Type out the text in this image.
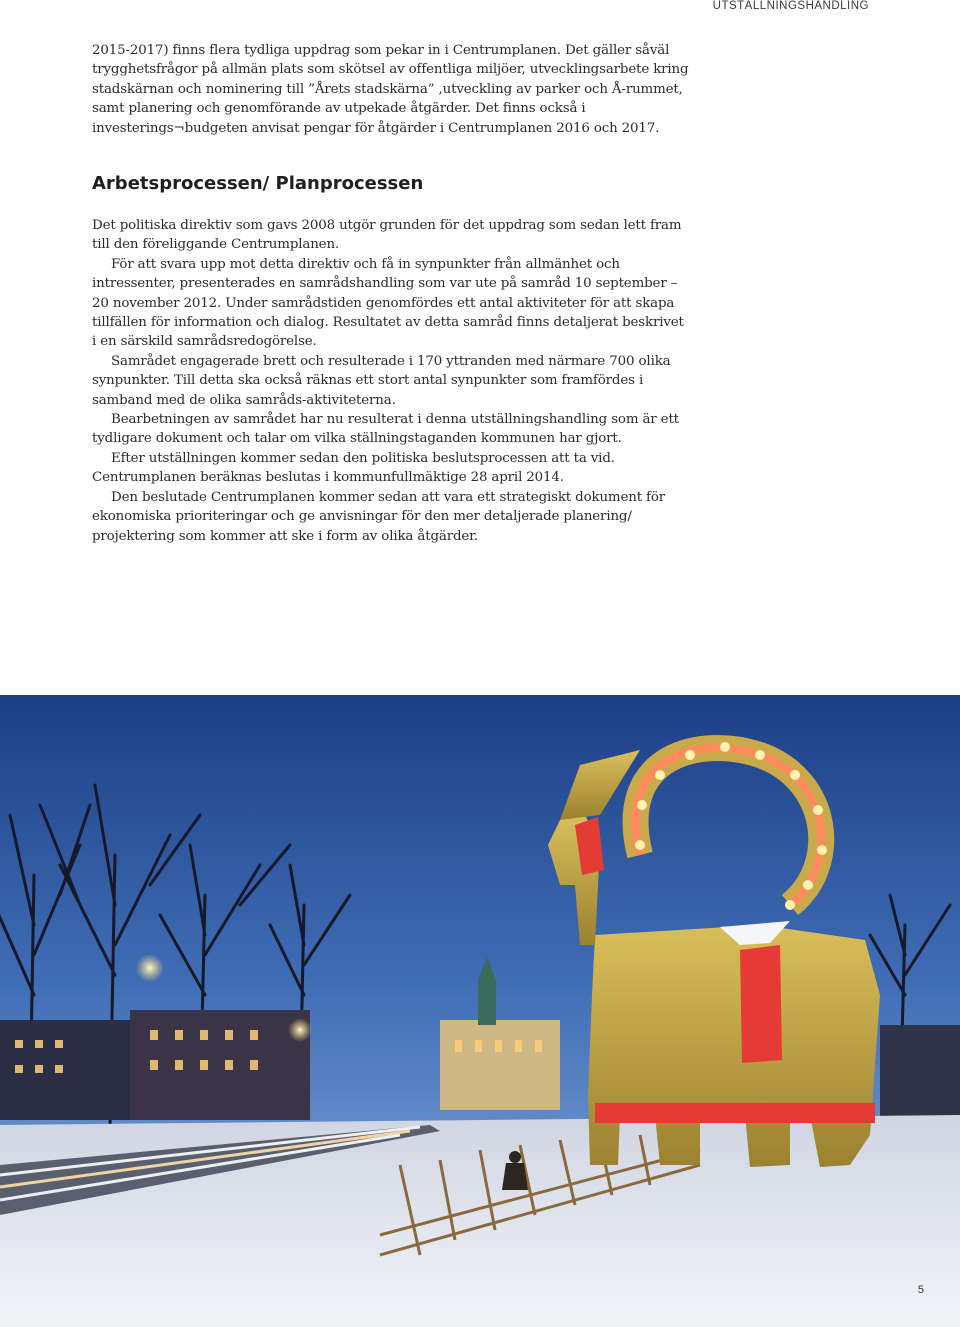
UTSTÄLLNINGSHANDLING

2015-2017) finns flera tydliga uppdrag som pekar in i Centrumplanen. Det gäller såväl trygghetsfrågor på allmän plats som skötsel av offentliga miljöer, utvecklingsarbete kring stadskärnan och nominering till ”Årets stadskärna” ,utveckling av parker och Å-rummet, samt planering och genomförande av utpekade åtgärder. Det finns också i investerings¬budgeten anvisat pengar för åtgärder i Centrumplanen 2016 och 2017.

Arbetsprocessen/ Planprocessen

Det politiska direktiv som gavs 2008 utgör grunden för det uppdrag som sedan lett fram till den föreliggande Centrumplanen.

För att svara upp mot detta direktiv och få in synpunkter från allmänhet och intressenter, presenterades en samrådshandling som var ute på samråd 10 september – 20 november 2012. Under samrådstiden genomfördes ett antal aktiviteter för att skapa tillfällen för information och dialog. Resultatet av detta samråd finns detaljerat beskrivet i en särskild samrådsredogörelse.

Samrådet engagerade brett och resulterade i 170 yttranden med närmare 700 olika synpunkter. Till detta ska också räknas ett stort antal synpunkter som framfördes i samband med de olika samråds-aktiviteterna.

Bearbetningen av samrådet har nu resulterat i denna utställningshandling som är ett tydligare dokument och talar om vilka ställningstaganden kommunen har gjort.

Efter utställningen kommer sedan den politiska beslutsprocessen att ta vid. Centrumplanen beräknas beslutas i kommunfullmäktige 28 april 2014.

Den beslutade Centrumplanen kommer sedan att vara ett strategiskt dokument för ekonomiska prioriteringar och ge anvisningar för den mer detaljerade planering/ projektering som kommer att ske i form av olika åtgärder.

5
